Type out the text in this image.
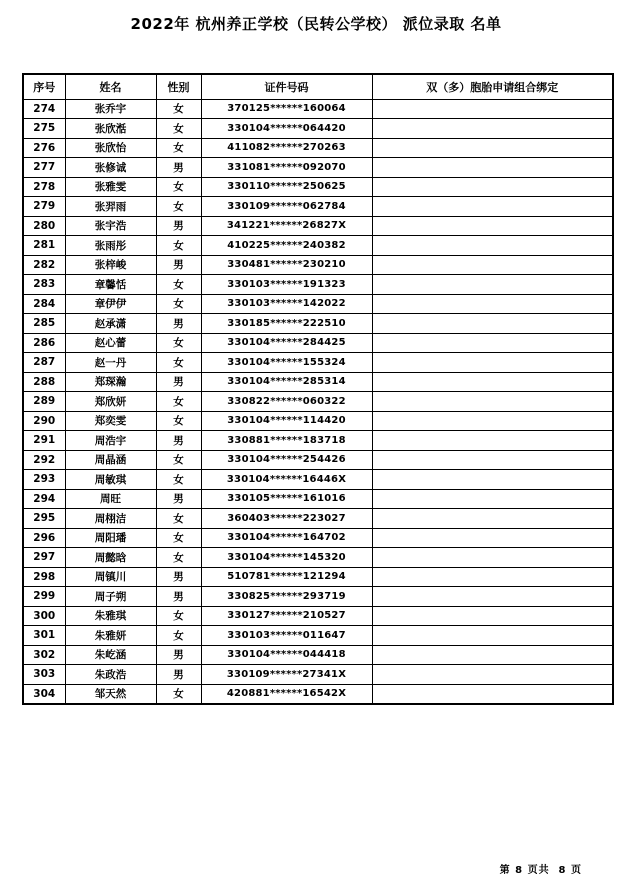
2022年 杭州养正学校（民转公学校） 派位录取 名单
序号	姓名	性别	证件号码	双（多）胞胎申请组合绑定
274	张乔宇	女	370125******160064	
275	张欣湉	女	330104******064420	
276	张欣怡	女	411082******270263	
277	张修诚	男	331081******092070	
278	张雅雯	女	330110******250625	
279	张羿雨	女	330109******062784	
280	张宇浩	男	341221******26827X	
281	张雨彤	女	410225******240382	
282	张梓峻	男	330481******230210	
283	章馨恬	女	330103******191323	
284	章伊伊	女	330103******142022	
285	赵承潇	男	330185******222510	
286	赵心蕾	女	330104******284425	
287	赵一丹	女	330104******155324	
288	郑琛瀚	男	330104******285314	
289	郑欣妍	女	330822******060322	
290	郑奕雯	女	330104******114420	
291	周浩宇	男	330881******183718	
292	周晶涵	女	330104******254426	
293	周敏琪	女	330104******16446X	
294	周旺	男	330105******161016	
295	周栩洁	女	360403******223027	
296	周阳璠	女	330104******164702	
297	周懿晗	女	330104******145320	
298	周镇川	男	510781******121294	
299	周子朔	男	330825******293719	
300	朱雅琪	女	330127******210527	
301	朱雅妍	女	330103******011647	
302	朱屹涵	男	330104******044418	
303	朱政浩	男	330109******27341X	
304	邹天然	女	420881******16542X	
第 8 页共  8 页
